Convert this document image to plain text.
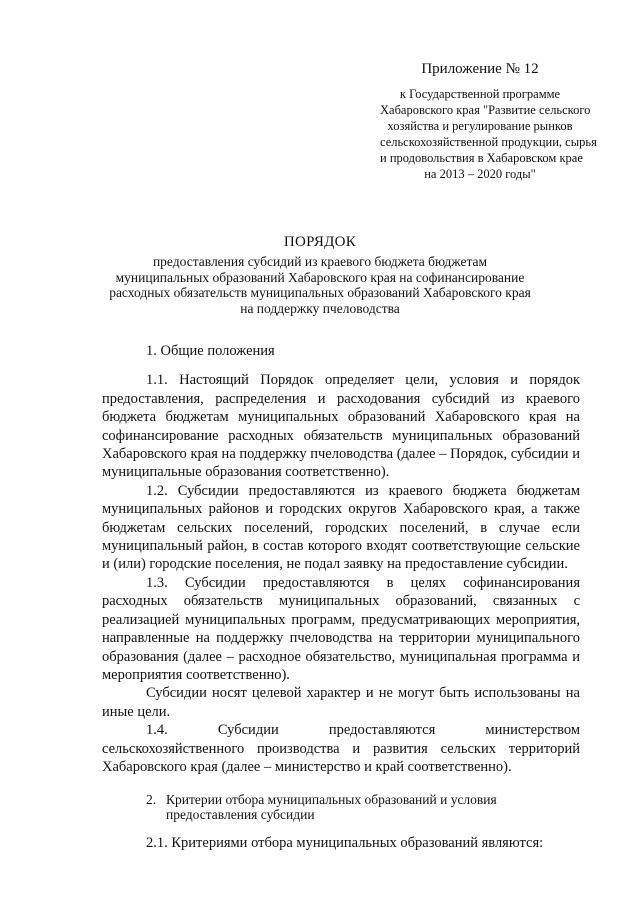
Приложение № 12
к Государственной программе
Хабаровского края "Развитие сельского
хозяйства и регулирование рынков
сельскохозяйственной продукции, сырья
и продовольствия в Хабаровском крае
на 2013 – 2020 годы"
ПОРЯДОК
предоставления субсидий из краевого бюджета бюджетам
муниципальных образований Хабаровского края на софинансирование
расходных обязательств муниципальных образований Хабаровского края
на поддержку пчеловодства
1. Общие положения

1.1. Настоящий Порядок определяет цели, условия и порядок предоставления, распределения и расходования субсидий из краевого бюджета бюджетам муниципальных образований Хабаровского края на софинансирование расходных обязательств муниципальных образований Хабаровского края на поддержку пчеловодства (далее – Порядок, субсидии и муниципальные образования соответственно).

1.2. Субсидии предоставляются из краевого бюджета бюджетам муниципальных районов и городских округов Хабаровского края, а также бюджетам сельских поселений, городских поселений, в случае если муниципальный район, в состав которого входят соответствующие сельские и (или) городские поселения, не подал заявку на предоставление субсидии.

1.3. Субсидии предоставляются в целях софинансирования расходных обязательств муниципальных образований, связанных с реализацией муниципальных программ, предусматривающих мероприятия, направленные на поддержку пчеловодства на территории муниципального образования (далее – расходное обязательство, муниципальная программа и мероприятия соответственно).

Субсидии носят целевой характер и не могут быть использованы на иные цели.

1.4. Субсидии предоставляются министерством сельскохозяйственного производства и развития сельских территорий Хабаровского края (далее – министерство и край соответственно).

2. Критерии отбора муниципальных образований и условия
предоставления субсидии

2.1. Критериями отбора муниципальных образований являются:
